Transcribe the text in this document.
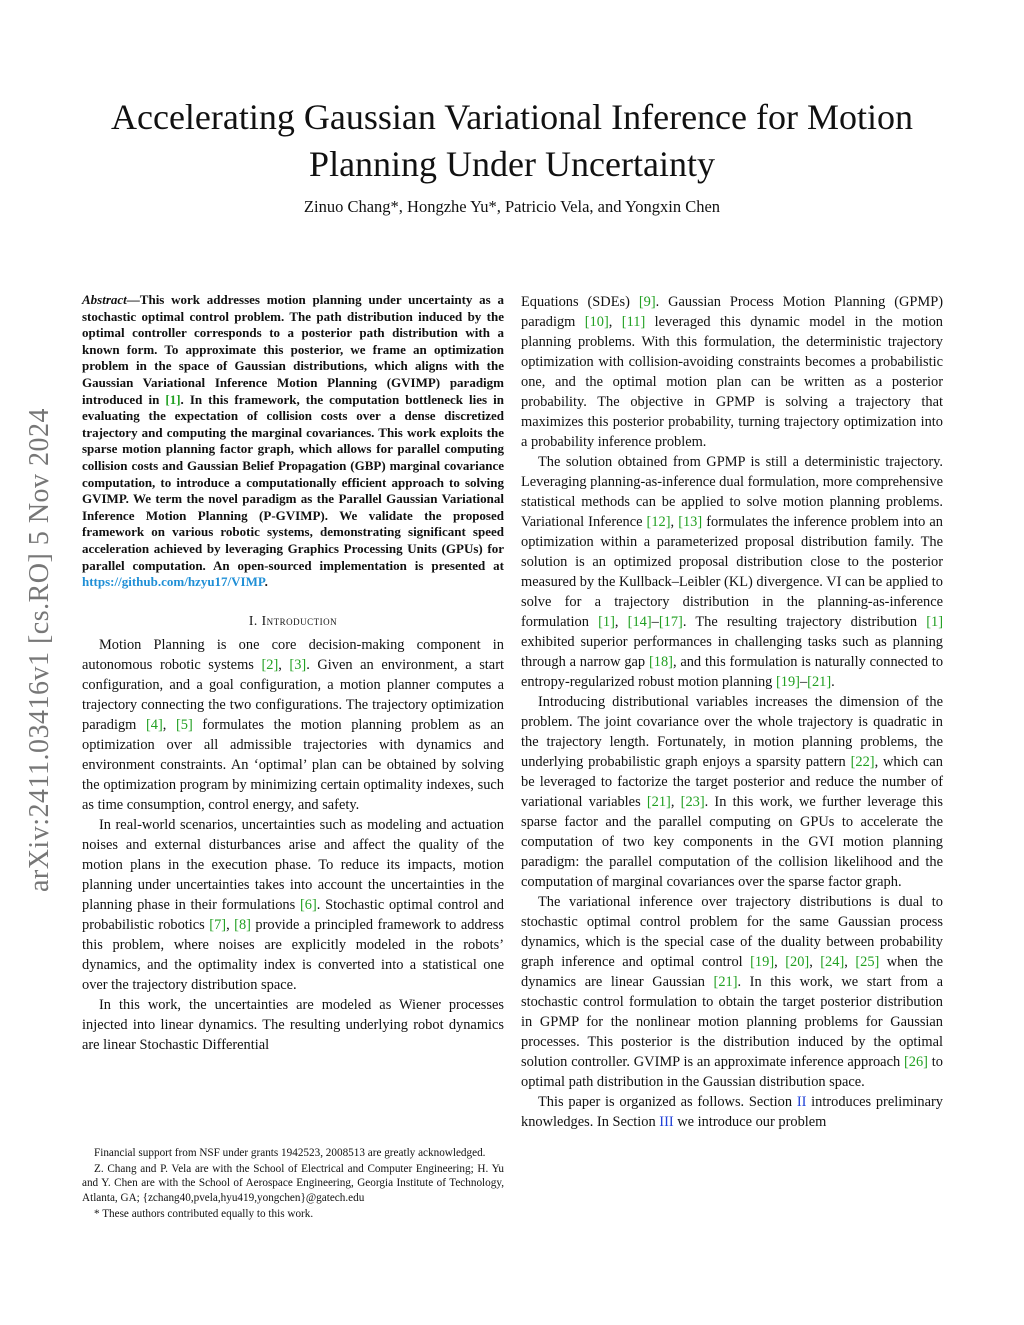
arXiv:2411.03416v1 [cs.RO] 5 Nov 2024
Accelerating Gaussian Variational Inference for Motion Planning Under Uncertainty

Zinuo Chang*, Hongzhe Yu*, Patricio Vela, and Yongxin Chen

Abstract—This work addresses motion planning under uncertainty as a stochastic optimal control problem. The path distribution induced by the optimal controller corresponds to a posterior path distribution with a known form. To approximate this posterior, we frame an optimization problem in the space of Gaussian distributions, which aligns with the Gaussian Variational Inference Motion Planning (GVIMP) paradigm introduced in [1]. In this framework, the computation bottleneck lies in evaluating the expectation of collision costs over a dense discretized trajectory and computing the marginal covariances. This work exploits the sparse motion planning factor graph, which allows for parallel computing collision costs and Gaussian Belief Propagation (GBP) marginal covariance computation, to introduce a computationally efficient approach to solving GVIMP. We term the novel paradigm as the Parallel Gaussian Variational Inference Motion Planning (P-GVIMP). We validate the proposed framework on various robotic systems, demonstrating significant speed acceleration achieved by leveraging Graphics Processing Units (GPUs) for parallel computation. An open-sourced implementation is presented at https://github.com/hzyu17/VIMP.

I. Introduction

Motion Planning is one core decision-making component in autonomous robotic systems [2], [3]. Given an environment, a start configuration, and a goal configuration, a motion planner computes a trajectory connecting the two configurations. The trajectory optimization paradigm [4], [5] formulates the motion planning problem as an optimization over all admissible trajectories with dynamics and environment constraints. An ‘optimal’ plan can be obtained by solving the optimization program by minimizing certain optimality indexes, such as time consumption, control energy, and safety.

In real-world scenarios, uncertainties such as modeling and actuation noises and external disturbances arise and affect the quality of the motion plans in the execution phase. To reduce its impacts, motion planning under uncertainties takes into account the uncertainties in the planning phase in their formulations [6]. Stochastic optimal control and probabilistic robotics [7], [8] provide a principled framework to address this problem, where noises are explicitly modeled in the robots’ dynamics, and the optimality index is converted into a statistical one over the trajectory distribution space.

In this work, the uncertainties are modeled as Wiener processes injected into linear dynamics. The resulting underlying robot dynamics are linear Stochastic Differential

Financial support from NSF under grants 1942523, 2008513 are greatly acknowledged.

Z. Chang and P. Vela are with the School of Electrical and Computer Engineering; H. Yu and Y. Chen are with the School of Aerospace Engineering, Georgia Institute of Technology, Atlanta, GA; {zchang40,pvela,hyu419,yongchen}@gatech.edu

* These authors contributed equally to this work.

Equations (SDEs) [9]. Gaussian Process Motion Planning (GPMP) paradigm [10], [11] leveraged this dynamic model in the motion planning problems. With this formulation, the deterministic trajectory optimization with collision-avoiding constraints becomes a probabilistic one, and the optimal motion plan can be written as a posterior probability. The objective in GPMP is solving a trajectory that maximizes this posterior probability, turning trajectory optimization into a probability inference problem.

The solution obtained from GPMP is still a deterministic trajectory. Leveraging planning-as-inference dual formulation, more comprehensive statistical methods can be applied to solve motion planning problems. Variational Inference [12], [13] formulates the inference problem into an optimization within a parameterized proposal distribution family. The solution is an optimized proposal distribution close to the posterior measured by the Kullback–Leibler (KL) divergence. VI can be applied to solve for a trajectory distribution in the planning-as-inference formulation [1], [14]–[17]. The resulting trajectory distribution [1] exhibited superior performances in challenging tasks such as planning through a narrow gap [18], and this formulation is naturally connected to entropy-regularized robust motion planning [19]–[21].

Introducing distributional variables increases the dimension of the problem. The joint covariance over the whole trajectory is quadratic in the trajectory length. Fortunately, in motion planning problems, the underlying probabilistic graph enjoys a sparsity pattern [22], which can be leveraged to factorize the target posterior and reduce the number of variational variables [21], [23]. In this work, we further leverage this sparse factor and the parallel computing on GPUs to accelerate the computation of two key components in the GVI motion planning paradigm: the parallel computation of the collision likelihood and the computation of marginal covariances over the sparse factor graph.

The variational inference over trajectory distributions is dual to stochastic optimal control problem for the same Gaussian process dynamics, which is the special case of the duality between probability graph inference and optimal control [19], [20], [24], [25] when the dynamics are linear Gaussian [21]. In this work, we start from a stochastic control formulation to obtain the target posterior distribution in GPMP for the nonlinear motion planning problems for Gaussian processes. This posterior is the distribution induced by the optimal solution controller. GVIMP is an approximate inference approach [26] to optimal path distribution in the Gaussian distribution space.

This paper is organized as follows. Section II introduces preliminary knowledges. In Section III we introduce our problem
